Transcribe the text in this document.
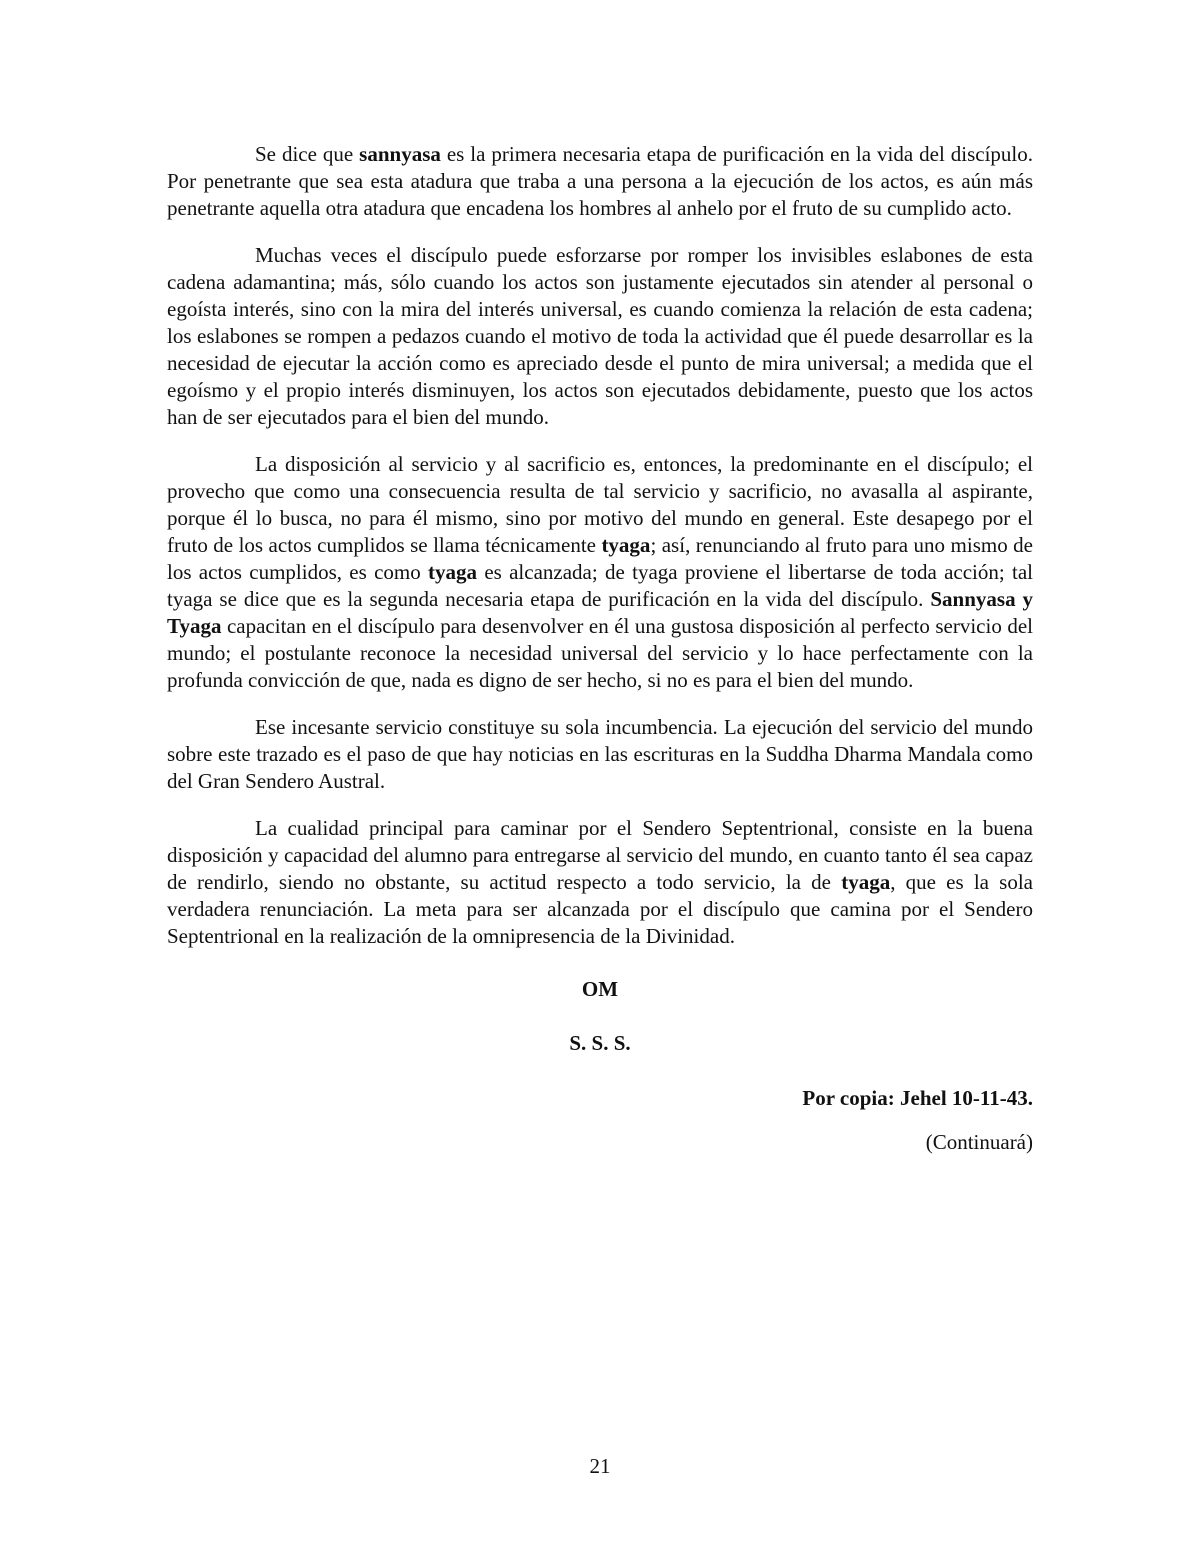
Se dice que sannyasa es la primera necesaria etapa de purificación en la vida del discípulo. Por penetrante que sea esta atadura que traba a una persona a la ejecución de los actos, es aún más penetrante aquella otra atadura que encadena los hombres al anhelo por el fruto de su cumplido acto.

Muchas veces el discípulo puede esforzarse por romper los invisibles eslabones de esta cadena adamantina; más, sólo cuando los actos son justamente ejecutados sin atender al personal o egoísta interés, sino con la mira del interés universal, es cuando comienza la relación de esta cadena; los eslabones se rompen a pedazos cuando el motivo de toda la actividad que él puede desarrollar es la necesidad de ejecutar la acción como es apreciado desde el punto de mira universal; a medida que el egoísmo y el propio interés disminuyen, los actos son ejecutados debidamente, puesto que los actos han de ser ejecutados para el bien del mundo.

La disposición al servicio y al sacrificio es, entonces, la predominante en el discípulo; el provecho que como una consecuencia resulta de tal servicio y sacrificio, no avasalla al aspirante, porque él lo busca, no para él mismo, sino por motivo del mundo en general. Este desapego por el fruto de los actos cumplidos se llama técnicamente tyaga; así, renunciando al fruto para uno mismo de los actos cumplidos, es como tyaga es alcanzada; de tyaga proviene el libertarse de toda acción; tal tyaga se dice que es la segunda necesaria etapa de purificación en la vida del discípulo. Sannyasa y Tyaga capacitan en el discípulo para desenvolver en él una gustosa disposición al perfecto servicio del mundo; el postulante reconoce la necesidad universal del servicio y lo hace perfectamente con la profunda convicción de que, nada es digno de ser hecho, si no es para el bien del mundo.

Ese incesante servicio constituye su sola incumbencia. La ejecución del servicio del mundo sobre este trazado es el paso de que hay noticias en las escrituras en la Suddha Dharma Mandala como del Gran Sendero Austral.

La cualidad principal para caminar por el Sendero Septentrional, consiste en la buena disposición y capacidad del alumno para entregarse al servicio del mundo, en cuanto tanto él sea capaz de rendirlo, siendo no obstante, su actitud respecto a todo servicio, la de tyaga, que es la sola verdadera renunciación. La meta para ser alcanzada por el discípulo que camina por el Sendero Septentrional en la realización de la omnipresencia de la Divinidad.

OM

S. S. S.

Por copia: Jehel 10-11-43.

(Continuará)

21
